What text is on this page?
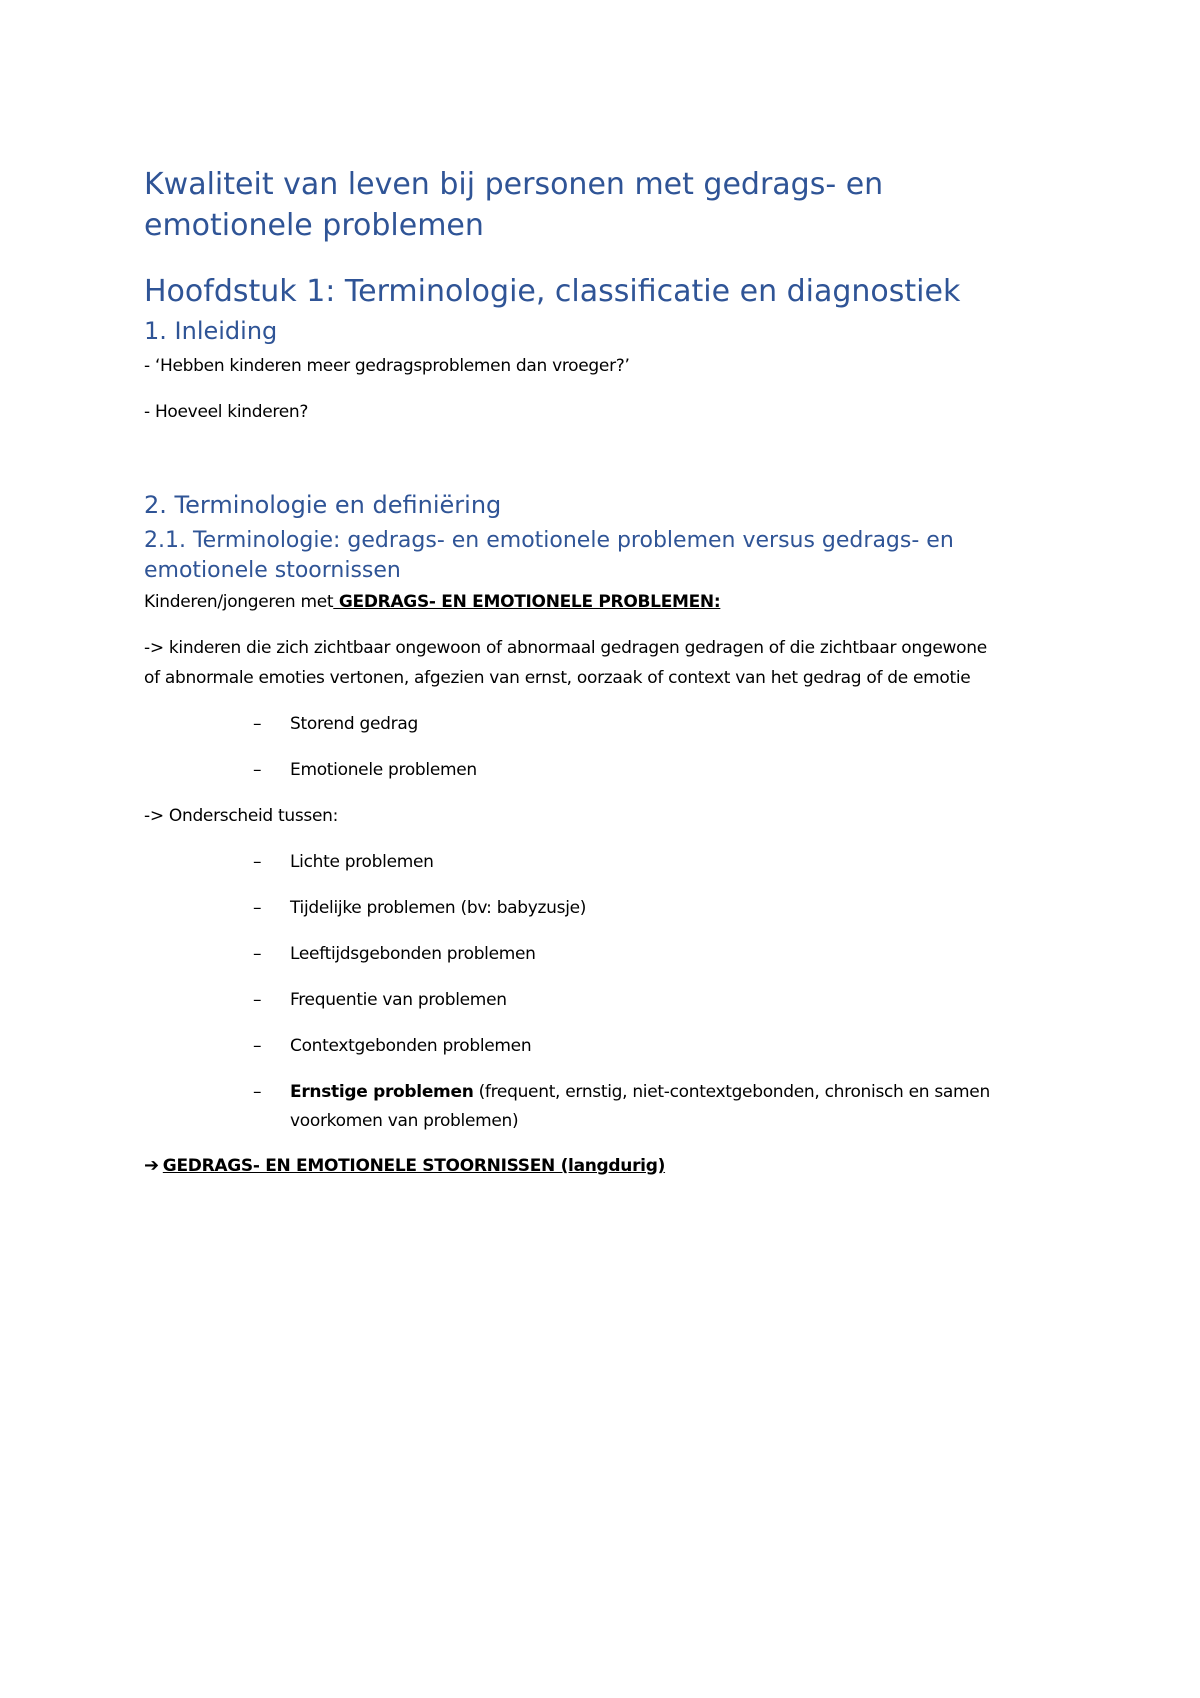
Kwaliteit van leven bij personen met gedrags- en
emotionele problemen
Hoofdstuk 1: Terminologie, classificatie en diagnostiek
1. Inleiding
- ‘Hebben kinderen meer gedragsproblemen dan vroeger?’
- Hoeveel kinderen?
2. Terminologie en definiëring
2.1. Terminologie: gedrags- en emotionele problemen versus gedrags- en
emotionele stoornissen
Kinderen/jongeren met GEDRAGS- EN EMOTIONELE PROBLEMEN:
-> kinderen die zich zichtbaar ongewoon of abnormaal gedragen gedragen of die zichtbaar ongewone
of abnormale emoties vertonen, afgezien van ernst, oorzaak of context van het gedrag of de emotie
– Storend gedrag
– Emotionele problemen
-> Onderscheid tussen:
– Lichte problemen
– Tijdelijke problemen (bv: babyzusje)
– Leeftijdsgebonden problemen
– Frequentie van problemen
– Contextgebonden problemen
– Ernstige problemen (frequent, ernstig, niet-contextgebonden, chronisch en samen
voorkomen van problemen)
➔ GEDRAGS- EN EMOTIONELE STOORNISSEN (langdurig)
